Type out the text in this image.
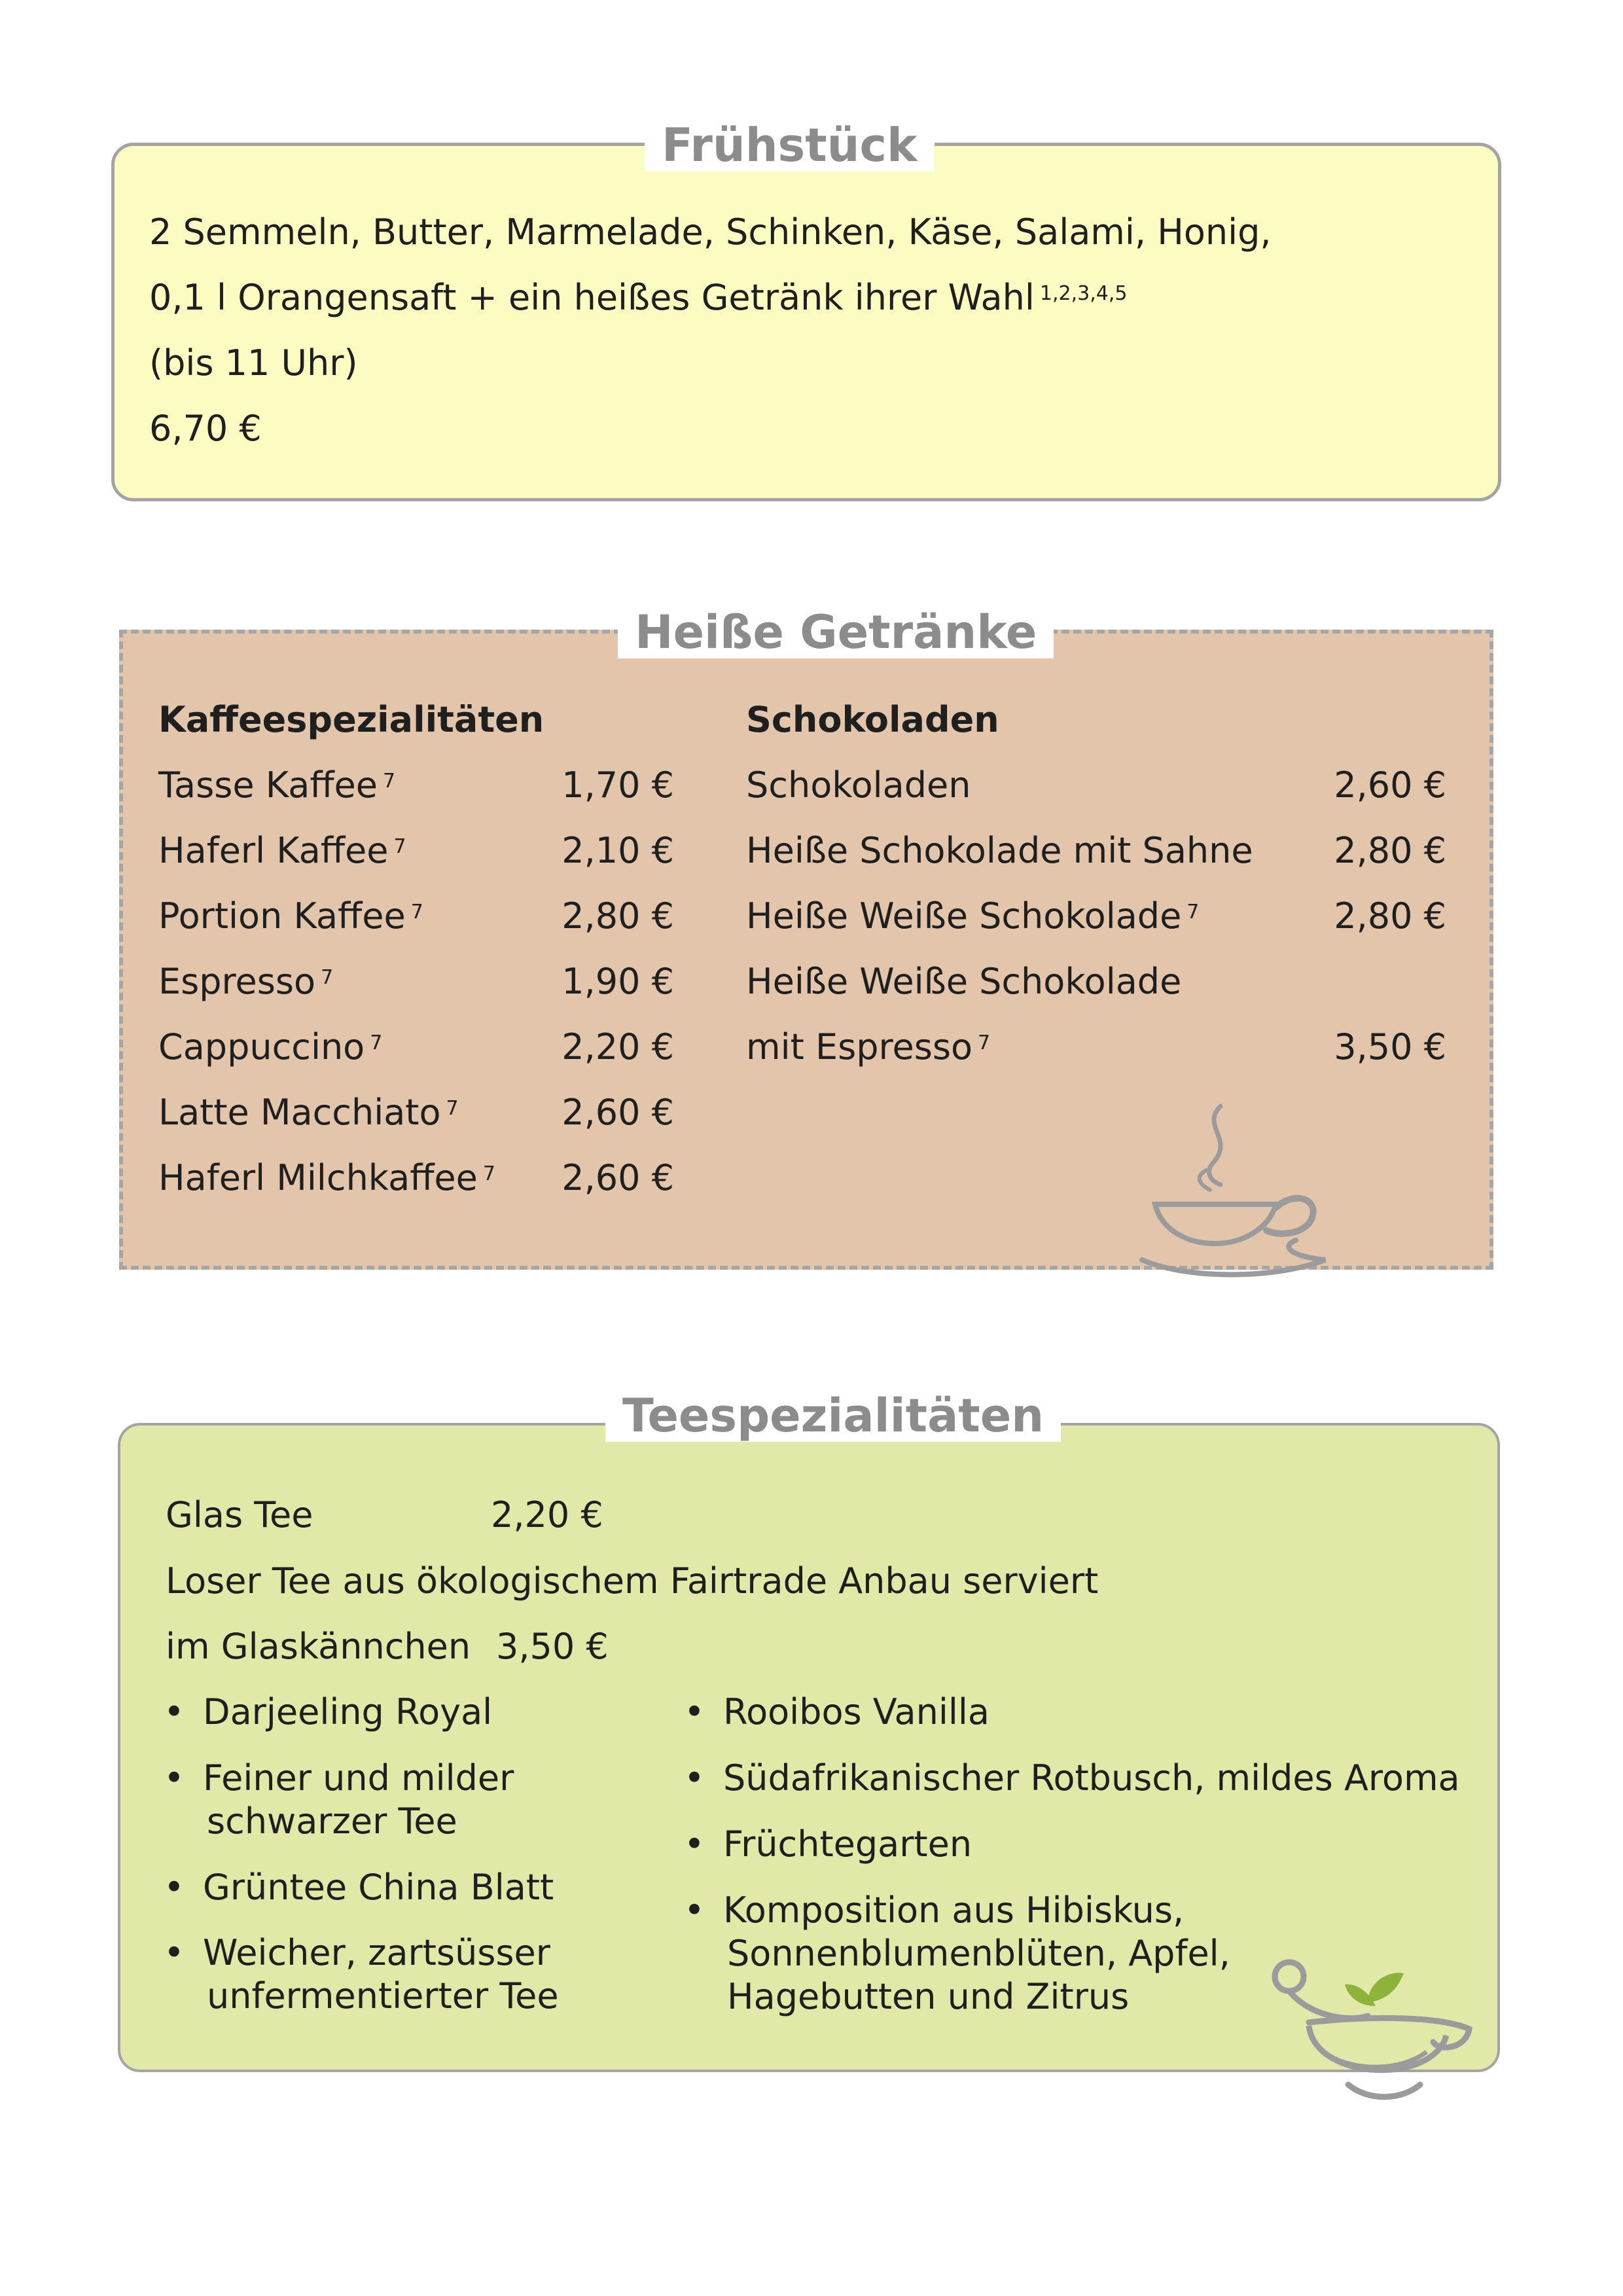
Frühstück
2 Semmeln, Butter, Marmelade, Schinken, Käse, Salami, Honig,
0,1 l Orangensaft + ein heißes Getränk ihrer Wahl $^{1,2,3,4,5}$
(bis 11 Uhr)
6,70 €
Heiße Getränke
Kaffeespezialitäten	Schokoladen
Tasse Kaffee $^7$	1,70 €
Haferl Kaffee $^7$	2,10 €
Portion Kaffee $^7$	2,80 €
Espresso $^7$	1,90 €
Cappuccino $^7$	2,20 €
Latte Macchiato $^7$	2,60 €
Haferl Milchkaffee $^7$	2,60 €
Schokoladen	2,60 €
Heiße Schokolade mit Sahne	2,80 €
Heiße Weiße Schokolade $^7$	2,80 €
Heiße Weiße Schokolade
mit Espresso $^7$	3,50 €
Teespezialitäten
Glas Tee	2,20 €
Loser Tee aus ökologischem Fairtrade Anbau serviert
im Glaskännchen 3,50 €
• Darjeeling Royal
• Feiner und milder
schwarzer Tee
• Grüntee China Blatt
• Weicher, zartsüsser
unfermentierter Tee
• Rooibos Vanilla
• Südafrikanischer Rotbusch, mildes Aroma
• Früchtegarten
• Komposition aus Hibiskus,
Sonnenblumenblüten, Apfel,
Hagebutten und Zitrus
